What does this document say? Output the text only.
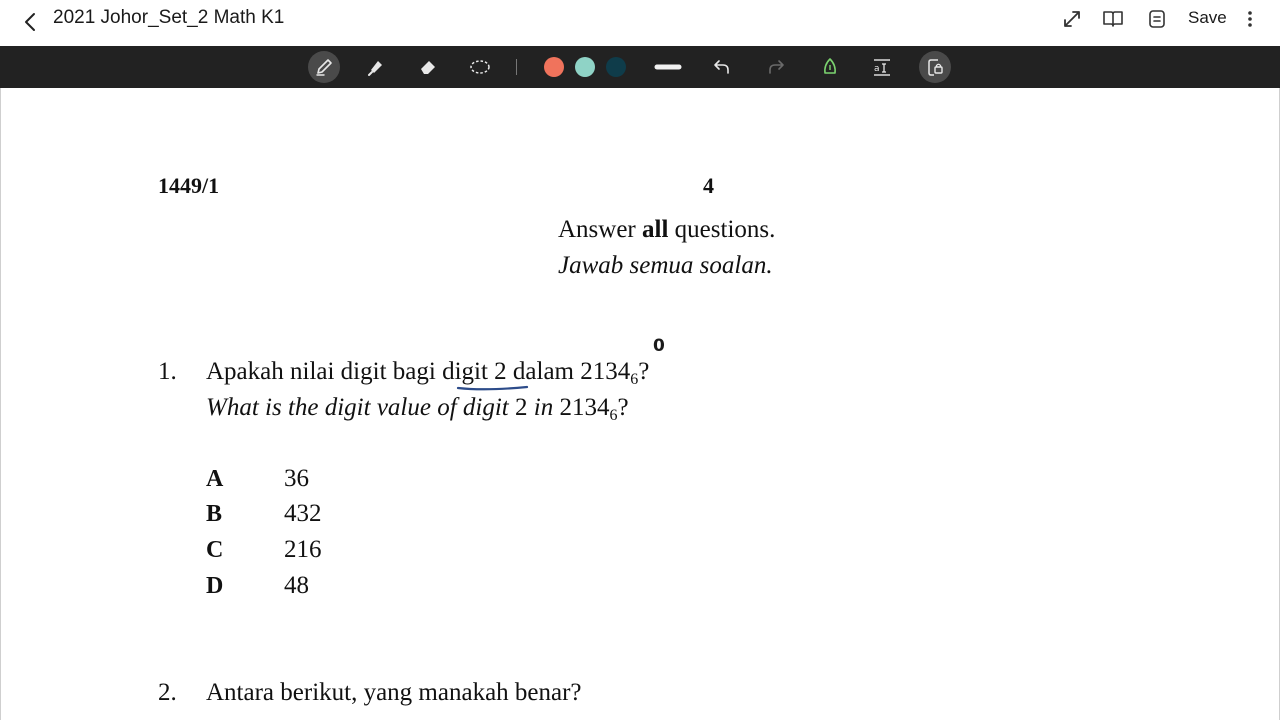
2021 Johor_Set_2 Math K1	Save
a
1449/1	4
Answer all questions.
Jawab semua soalan.
1. Apakah nilai digit bagi digit 2 dalam $2134_6$?
What is the digit value of digit 2 in $2134_6$?
0
A 36
B 432
C 216
D 48
2. Antara berikut, yang manakah benar?
